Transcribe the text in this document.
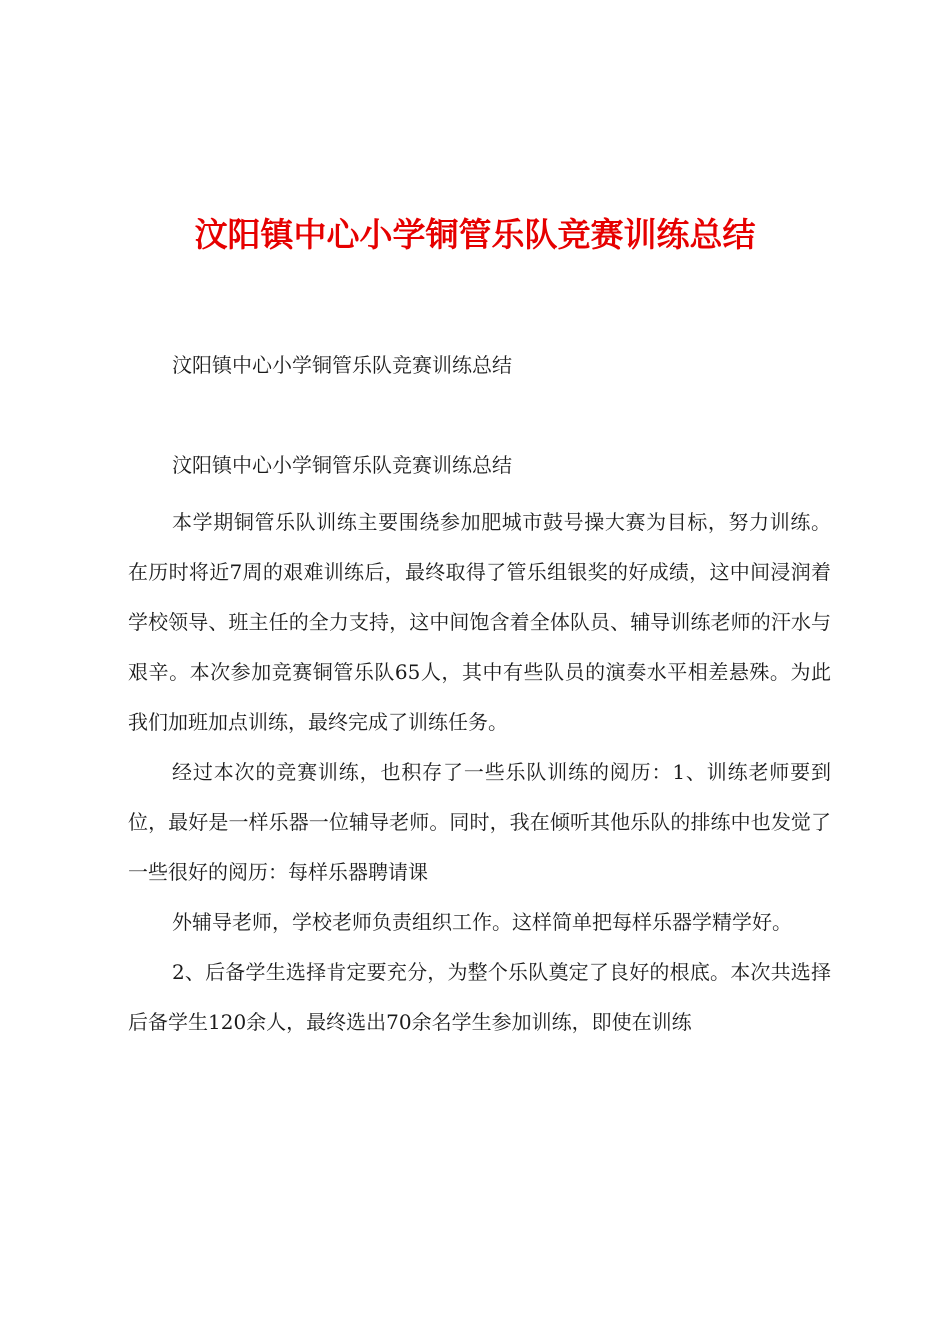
汶阳镇中心小学铜管乐队竞赛训练总结
汶阳镇中心小学铜管乐队竞赛训练总结
汶阳镇中心小学铜管乐队竞赛训练总结

本学期铜管乐队训练主要围绕参加肥城市鼓号操大赛为目标，努力训练。在历时将近7周的艰难训练后，最终取得了管乐组银奖的好成绩，这中间浸润着学校领导、班主任的全力支持，这中间饱含着全体队员、辅导训练老师的汗水与艰辛。本次参加竞赛铜管乐队65人，其中有些队员的演奏水平相差悬殊。为此我们加班加点训练，最终完成了训练任务。

经过本次的竞赛训练，也积存了一些乐队训练的阅历：1、训练老师要到位，最好是一样乐器一位辅导老师。同时，我在倾听其他乐队的排练中也发觉了一些很好的阅历：每样乐器聘请课

外辅导老师，学校老师负责组织工作。这样简单把每样乐器学精学好。

2、后备学生选择肯定要充分，为整个乐队奠定了良好的根底。本次共选择后备学生120余人，最终选出70余名学生参加训练，即使在训练
